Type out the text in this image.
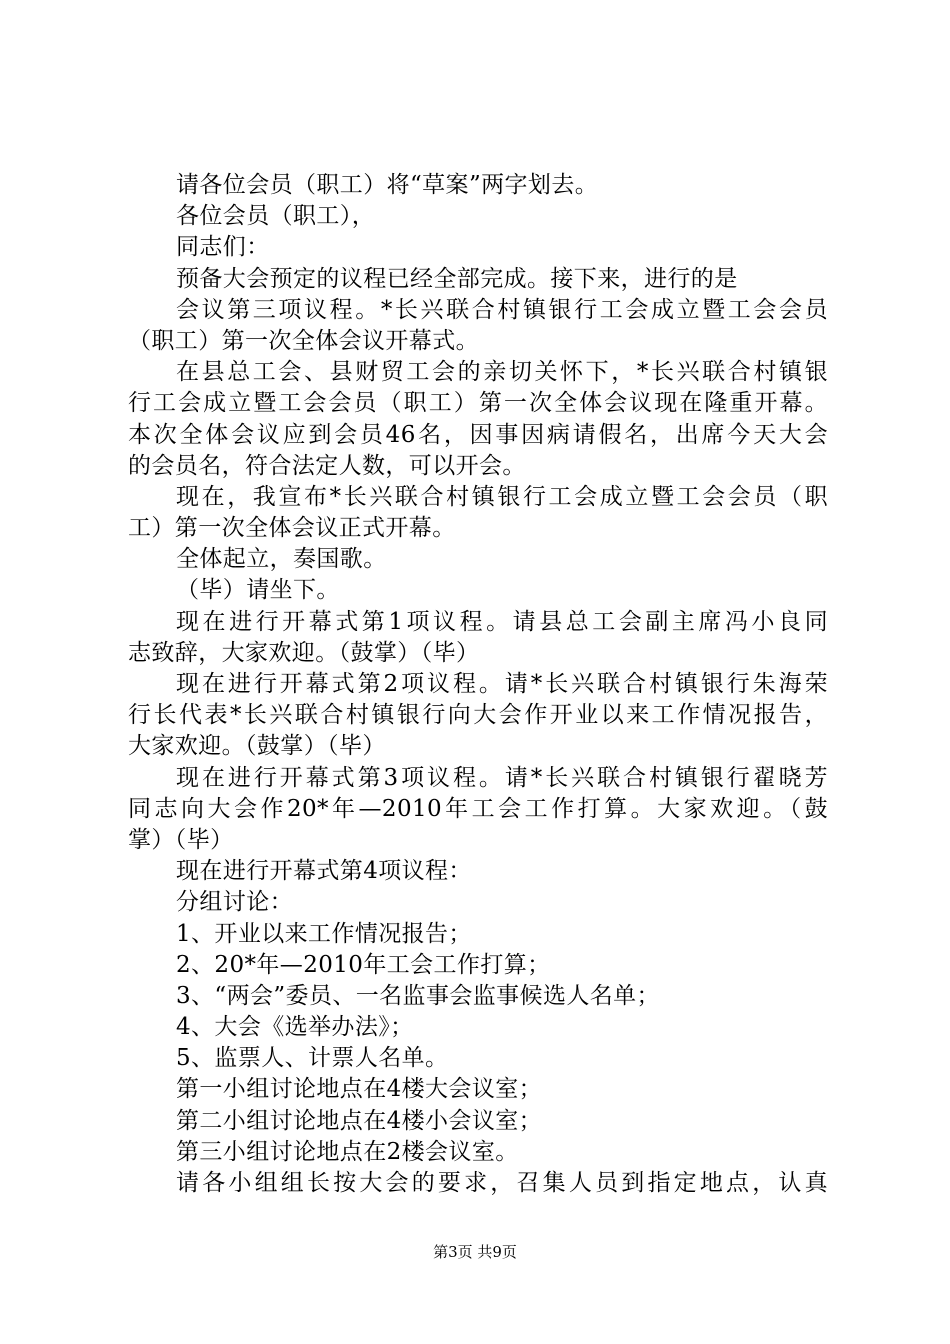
请各位会员（职工）将“草案”两字划去。
各位会员（职工），
同志们：
预备大会预定的议程已经全部完成。接下来，进行的是
会议第三项议程。*长兴联合村镇银行工会成立暨工会会员
（职工）第一次全体会议开幕式。
在县总工会、县财贸工会的亲切关怀下，*长兴联合村镇银
行工会成立暨工会会员（职工）第一次全体会议现在隆重开幕。
本次全体会议应到会员46名，因事因病请假名，出席今天大会
的会员名，符合法定人数，可以开会。
现在，我宣布*长兴联合村镇银行工会成立暨工会会员（职
工）第一次全体会议正式开幕。
全体起立，奏国歌。
（毕）请坐下。
现在进行开幕式第1项议程。请县总工会副主席冯小良同
志致辞，大家欢迎。（鼓掌）（毕）
现在进行开幕式第2项议程。请*长兴联合村镇银行朱海荣
行长代表*长兴联合村镇银行向大会作开业以来工作情况报告，
大家欢迎。（鼓掌）（毕）
现在进行开幕式第3项议程。请*长兴联合村镇银行翟晓芳
同志向大会作20*年—2010年工会工作打算。大家欢迎。（鼓
掌）（毕）
现在进行开幕式第4项议程：
分组讨论：
1、开业以来工作情况报告；
2、20*年—2010年工会工作打算；
3、“两会”委员、一名监事会监事候选人名单；
4、大会《选举办法》；
5、监票人、计票人名单。
第一小组讨论地点在4楼大会议室；
第二小组讨论地点在4楼小会议室；
第三小组讨论地点在2楼会议室。
请各小组组长按大会的要求，召集人员到指定地点，认真
第3页 共9页
